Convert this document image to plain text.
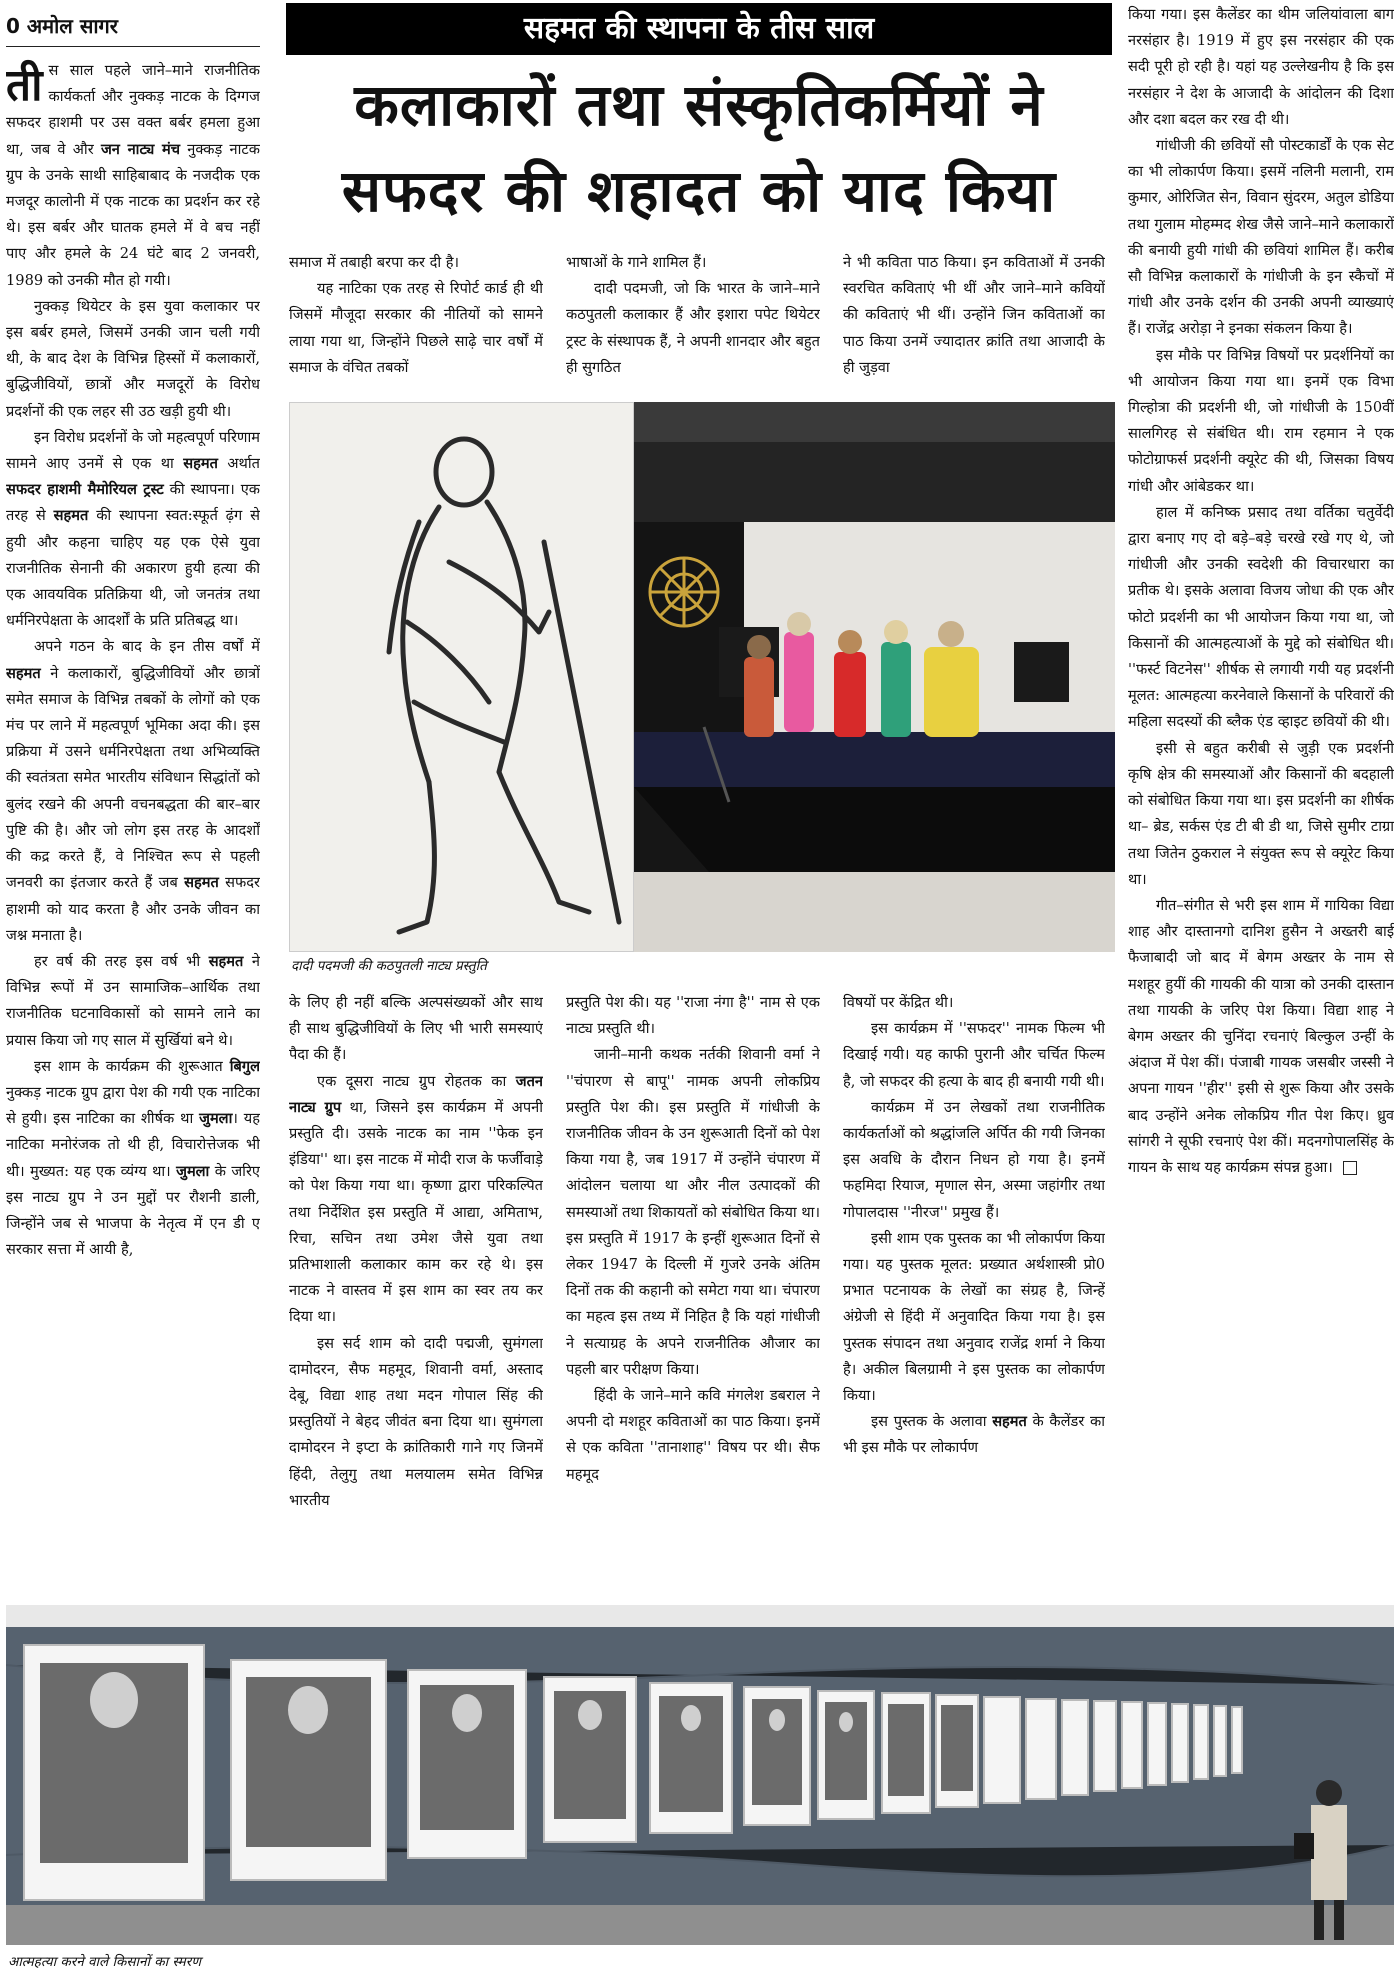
0 अमोल सागर

तीस साल पहले जाने–माने राजनीतिक कार्यकर्ता और नुक्कड़ नाटक के दिग्गज सफदर हाशमी पर उस वक्त बर्बर हमला हुआ था, जब वे और जन नाट्य मंच नुक्कड़ नाटक ग्रुप के उनके साथी साहिबाबाद के नजदीक एक मजदूर कालोनी में एक नाटक का प्रदर्शन कर रहे थे। इस बर्बर और घातक हमले में वे बच नहीं पाए और हमले के 24 घंटे बाद 2 जनवरी, 1989 को उनकी मौत हो गयी।

नुक्कड़ थियेटर के इस युवा कलाकार पर इस बर्बर हमले, जिसमें उनकी जान चली गयी थी, के बाद देश के विभिन्न हिस्सों में कलाकारों, बुद्धिजीवियों, छात्रों और मजदूरों के विरोध प्रदर्शनों की एक लहर सी उठ खड़ी हुयी थी।

इन विरोध प्रदर्शनों के जो महत्वपूर्ण परिणाम सामने आए उनमें से एक था सहमत अर्थात सफदर हाशमी मैमोरियल ट्रस्ट की स्थापना। एक तरह से सहमत की स्थापना स्वत:स्फूर्त ढ़ंग से हुयी और कहना चाहिए यह एक ऐसे युवा राजनीतिक सेनानी की अकारण हुयी हत्या की एक आवयविक प्रतिक्रिया थी, जो जनतंत्र तथा धर्मनिरपेक्षता के आदर्शों के प्रति प्रतिबद्ध था।

अपने गठन के बाद के इन तीस वर्षों में सहमत ने कलाकारों, बुद्धिजीवियों और छात्रों समेत समाज के विभिन्न तबकों के लोगों को एक मंच पर लाने में महत्वपूर्ण भूमिका अदा की। इस प्रक्रिया में उसने धर्मनिरपेक्षता तथा अभिव्यक्ति की स्वतंत्रता समेत भारतीय संविधान सिद्धांतों को बुलंद रखने की अपनी वचनबद्धता की बार–बार पुष्टि की है। और जो लोग इस तरह के आदर्शों की कद्र करते हैं, वे निश्चित रूप से पहली जनवरी का इंतजार करते हैं जब सहमत सफदर हाशमी को याद करता है और उनके जीवन का जश्न मनाता है।

हर वर्ष की तरह इस वर्ष भी सहमत ने विभिन्न रूपों में उन सामाजिक–आर्थिक तथा राजनीतिक घटनाविकासों को सामने लाने का प्रयास किया जो गए साल में सुर्खियां बने थे।

इस शाम के कार्यक्रम की शुरूआत बिगुल नुक्कड़ नाटक ग्रुप द्वारा पेश की गयी एक नाटिका से हुयी। इस नाटिका का शीर्षक था जुमला। यह नाटिका मनोरंजक तो थी ही, विचारोत्तेजक भी थी। मुख्यत: यह एक व्यंग्य था। जुमला के जरिए इस नाट्य ग्रुप ने उन मुद्दों पर रौशनी डाली, जिन्होंने जब से भाजपा के नेतृत्व में एन डी ए सरकार सत्ता में आयी है,

सहमत की स्थापना के तीस साल
कलाकारों तथा संस्कृतिकर्मियों ने
सफदर की शहादत को याद किया

समाज में तबाही बरपा कर दी है।

यह नाटिका एक तरह से रिपोर्ट कार्ड ही थी जिसमें मौजूदा सरकार की नीतियों को सामने लाया गया था, जिन्होंने पिछले साढ़े चार वर्षों में समाज के वंचित तबकों

भाषाओं के गाने शामिल हैं।

दादी पदमजी, जो कि भारत के जाने–माने कठपुतली कलाकार हैं और इशारा पपेट थियेटर ट्रस्ट के संस्थापक हैं, ने अपनी शानदार और बहुत ही सुगठित

ने भी कविता पाठ किया। इन कविताओं में उनकी स्वरचित कविताएं भी थीं और जाने–माने कवियों की कविताएं भी थीं। उन्होंने जिन कविताओं का पाठ किया उनमें ज्यादातर क्रांति तथा आजादी के ही जुड़वा

दादी पदमजी की कठपुतली नाट्य प्रस्तुति

के लिए ही नहीं बल्कि अल्पसंख्यकों और साथ ही साथ बुद्धिजीवियों के लिए भी भारी समस्याएं पैदा की हैं।

एक दूसरा नाट्य ग्रुप रोहतक का जतन नाट्य ग्रुप था, जिसने इस कार्यक्रम में अपनी प्रस्तुति दी। उसके नाटक का नाम ''फेक इन इंडिया'' था। इस नाटक में मोदी राज के फर्जीवाड़े को पेश किया गया था। कृष्णा द्वारा परिकल्पित तथा निर्देशित इस प्रस्तुति में आद्या, अमिताभ, रिचा, सचिन तथा उमेश जैसे युवा तथा प्रतिभाशाली कलाकार काम कर रहे थे। इस नाटक ने वास्तव में इस शाम का स्वर तय कर दिया था।

इस सर्द शाम को दादी पद्मजी, सुमंगला दामोदरन, सैफ महमूद, शिवानी वर्मा, अस्ताद देबू, विद्या शाह तथा मदन गोपाल सिंह की प्रस्तुतियों ने बेहद जीवंत बना दिया था। सुमंगला दामोदरन ने इप्टा के क्रांतिकारी गाने गए जिनमें हिंदी, तेलुगु तथा मलयालम समेत विभिन्न भारतीय

प्रस्तुति पेश की। यह ''राजा नंगा है'' नाम से एक नाट्य प्रस्तुति थी।

जानी–मानी कथक नर्तकी शिवानी वर्मा ने ''चंपारण से बापू'' नामक अपनी लोकप्रिय प्रस्तुति पेश की। इस प्रस्तुति में गांधीजी के राजनीतिक जीवन के उन शुरूआती दिनों को पेश किया गया है, जब 1917 में उन्होंने चंपारण में आंदोलन चलाया था और नील उत्पादकों की समस्याओं तथा शिकायतों को संबोधित किया था। इस प्रस्तुति में 1917 के इन्हीं शुरूआत दिनों से लेकर 1947 के दिल्ली में गुजरे उनके अंतिम दिनों तक की कहानी को समेटा गया था। चंपारण का महत्व इस तथ्य में निहित है कि यहां गांधीजी ने सत्याग्रह के अपने राजनीतिक औजार का पहली बार परीक्षण किया।

हिंदी के जाने–माने कवि मंगलेश डबराल ने अपनी दो मशहूर कविताओं का पाठ किया। इनमें से एक कविता ''तानाशाह'' विषय पर थी। सैफ महमूद

विषयों पर केंद्रित थी।

इस कार्यक्रम में ''सफदर'' नामक फिल्म भी दिखाई गयी। यह काफी पुरानी और चर्चित फिल्म है, जो सफदर की हत्या के बाद ही बनायी गयी थी।

कार्यक्रम में उन लेखकों तथा राजनीतिक कार्यकर्ताओं को श्रद्धांजलि अर्पित की गयी जिनका इस अवधि के दौरान निधन हो गया है। इनमें फहमिदा रियाज, मृणाल सेन, अस्मा जहांगीर तथा गोपालदास ''नीरज'' प्रमुख हैं।

इसी शाम एक पुस्तक का भी लोकार्पण किया गया। यह पुस्तक मूलत: प्रख्यात अर्थशास्त्री प्रो0 प्रभात पटनायक के लेखों का संग्रह है, जिन्हें अंग्रेजी से हिंदी में अनुवादित किया गया है। इस पुस्तक संपादन तथा अनुवाद राजेंद्र शर्मा ने किया है। अकील बिलग्रामी ने इस पुस्तक का लोकार्पण किया।

इस पुस्तक के अलावा सहमत के कैलेंडर का भी इस मौके पर लोकार्पण

किया गया। इस कैलेंडर का थीम जलियांवाला बाग नरसंहार है। 1919 में हुए इस नरसंहार की एक सदी पूरी हो रही है। यहां यह उल्लेखनीय है कि इस नरसंहार ने देश के आजादी के आंदोलन की दिशा और दशा बदल कर रख दी थी।

गांधीजी की छवियों सौ पोस्टकार्डों के एक सेट का भी लोकार्पण किया। इसमें नलिनी मलानी, राम कुमार, ओरिजित सेन, विवान सुंदरम, अतुल डोडिया तथा गुलाम मोहम्मद शेख जैसे जाने–माने कलाकारों की बनायी हुयी गांधी की छवियां शामिल हैं। करीब सौ विभिन्न कलाकारों के गांधीजी के इन स्कैचों में गांधी और उनके दर्शन की उनकी अपनी व्याख्याएं हैं। राजेंद्र अरोड़ा ने इनका संकलन किया है।

इस मौके पर विभिन्न विषयों पर प्रदर्शनियों का भी आयोजन किया गया था। इनमें एक विभा गिल्होत्रा की प्रदर्शनी थी, जो गांधीजी के 150वीं सालगिरह से संबंधित थी। राम रहमान ने एक फोटोग्राफर्स प्रदर्शनी क्यूरेट की थी, जिसका विषय गांधी और आंबेडकर था।

हाल में कनिष्क प्रसाद तथा वर्तिका चतुर्वेदी द्वारा बनाए गए दो बड़े–बड़े चरखे रखे गए थे, जो गांधीजी और उनकी स्वदेशी की विचारधारा का प्रतीक थे। इसके अलावा विजय जोधा की एक और फोटो प्रदर्शनी का भी आयोजन किया गया था, जो किसानों की आत्महत्याओं के मुद्दे को संबोधित थी। ''फर्स्ट विटनेस'' शीर्षक से लगायी गयी यह प्रदर्शनी मूलत: आत्महत्या करनेवाले किसानों के परिवारों की महिला सदस्यों की ब्लैक एंड व्हाइट छवियों की थी।

इसी से बहुत करीबी से जुड़ी एक प्रदर्शनी कृषि क्षेत्र की समस्याओं और किसानों की बदहाली को संबोधित किया गया था। इस प्रदर्शनी का शीर्षक था– ब्रेड, सर्कस एंड टी बी डी था, जिसे सुमीर टाग्रा तथा जितेन ठुकराल ने संयुक्त रूप से क्यूरेट किया था।

गीत–संगीत से भरी इस शाम में गायिका विद्या शाह और दास्तानगो दानिश हुसैन ने अख्तरी बाई फैजाबादी जो बाद में बेगम अख्तर के नाम से मशहूर हुयीं की गायकी की यात्रा को उनकी दास्तान तथा गायकी के जरिए पेश किया। विद्या शाह ने बेगम अख्तर की चुनिंदा रचनाएं बिल्कुल उन्हीं के अंदाज में पेश कीं। पंजाबी गायक जसबीर जस्सी ने अपना गायन ''हीर'' इसी से शुरू किया और उसके बाद उन्होंने अनेक लोकप्रिय गीत पेश किए। ध्रुव सांगरी ने सूफी रचनाएं पेश कीं। मदनगोपालसिंह के गायन के साथ यह कार्यक्रम संपन्न हुआ।

आत्महत्या करने वाले किसानों का स्मरण
